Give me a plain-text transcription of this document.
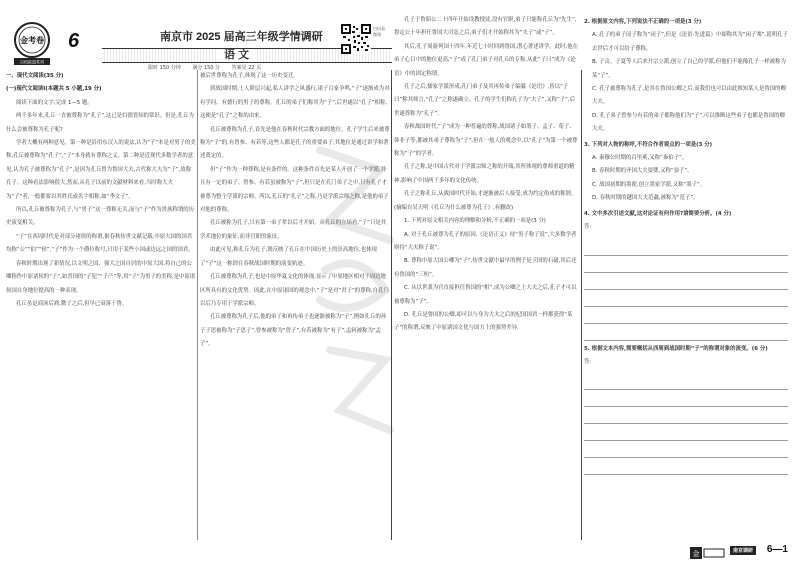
金考卷
百校联盟系列
6	南京市 2025 届高三年级学情调研
语 文
限时 150 分钟 满分 150 分 答案见 22 页
扫码看微课

一、现代文阅读(35 分)

(一)现代文阅读Ⅰ(本题共 5 小题,19 分)

阅读下面的文字,完成 1—5 题。

两千多年来,孔丘一直被尊称为“孔子”,这已是妇孺皆知的常识。但是,孔丘为什么会被尊称为孔子呢?

学者大概有两种意见。第一种是沿用东汉人的说法,认为“子”本是对男子的美称,孔丘被尊称为“孔子”,“子”本身就有尊称之义。第二种是近现代多数学者的意见,认为孔子被尊称为“孔子”,是因为孔丘曾为鲁国大夫,古代称大夫为“子”,故称孔子。这种看法影响很大,然而,从孔子以前的文献材料来看,当时称大夫为“子”者,一般都要以其姓氏或名字相称,如“季文子”。

所以,孔丘被尊称为孔子,与“男子”这一尊称无关,而与“子”作为贵族称谓的历史演变相关。

“子”在西周时代是对部分诸侯的称谓,据春秋传世文献记载,中原大国的国君均称“公”“伯”“侯”,“子”作为一个爵位称号,只用于某些小国或边远之国的国君。

春秋时期出现了新情况,以文明之国、强大之国自居的中原大国,将自己的公卿称作中原诸侯的“子”,如晋国的“子犯”“子产”等,用“子”为男子的美称,是中原诸侯国自身地位提高的一种表现。

孔丘虽是商汤后裔,微子之后,但早已衰落于鲁。

被后世尊称为孔子,体现了这一历史变迁。

到战国时期,士人阶层兴起,私人讲学之风盛行,诸子百家争鸣,“子”逐渐成为对有学问、有德行的男子的尊称。孔丘的弟子们称其为“子”,后世遂以“孔子”相称,这便是“孔子”之称的由来。

孔丘被尊称为孔子,首先是他在春秋时代宗教方面的地位。孔子学生后来被尊称为“子”的,有曾参、有若等,这些人都是孔子的重要弟子,其地位是通过讲学和著述奠定的。

但“子”作为一种尊称,是有条件的。这种条件首先是某人开创了一个学派,并且有一定的弟子。曾参、有若虽被称为“子”,但只是在孔门弟子之中,只有孔子才被尊为整个学派的宗师。所以,孔丘的“孔子”之称,乃是学派宗师之称,是他的弟子对他的尊称。

孔丘被称为孔子,只有第一弟子辈以后才开始。从孔丘的立场看,“子”只是其学术地位的象征,而非官职的象征。

由此可见,称孔丘为孔子,既反映了孔丘在中国历史上的崇高地位,也体现了“子”这一称谓在春秋战国时期的演变轨迹。

孔丘被尊称为孔子,也是中原华夏文化的体现,显示了中原地区相对于周边地区所具有的文化优势。因此,在中原诸国的观念中,“子”是对“君子”的尊称,自孔门以后乃专用于学派宗师。

孔丘被尊称为孔子后,他的弟子和再传弟子也逐渐被称为“子”,例如孔丘的孙子子思被称为“子思子”,曾参被称为“曾子”,有若被称为“有子”,孟轲被称为“孟子”。

孔子于鲁昭公二十四年开始设教授徒,没有官职,弟子只能称孔丘为“先生”,鲁定公十年担任鲁国大司寇之后,弟子们才开始称其为“夫子”或“子”。

其后,孔子周游列国十四年,年近七十时回到鲁国,潜心著述讲学。此时,他在弟子心目中的地位更高,“子”成了孔门弟子对孔丘的专称,从此“子曰”成为《论语》中的固定称谓。

孔子之后,儒家学派形成,孔门弟子及其再传弟子编纂《论语》,皆以“子曰”称其师言,“孔子”之称遂确立。孔子的学生们称孔子为“夫子”,又称“子”,后世遂尊称为“孔子”。

春秋战国时代,“子”成为一种普遍的尊称,战国诸子如墨子、孟子、荀子、韩非子等,都被其弟子尊称为“子”,但在一般人的观念中,以“孔子”为第一个被尊称为“子”的学者。

孔子之称,是中国古代对于学派宗师之称的开端,其所体现的尊师重道的精神,影响了中国两千多年的文化传统。

孔子之称孔丘,从战国时代开始,才逐渐被后人接受,成为约定俗成的称谓。

(摘编自吴天明《孔丘为什么被尊为孔子》,有删改)

1. 下列对原文相关内容的理解和分析,不正确的一项是(3 分)

A. 对于孔丘被尊为孔子的原因,《论语正义》持“男子称子说”,大多数学者则持“大夫称子说”。

B. 尊称中原大国公卿为“子”,传世文献中最早的例子是卫国的石碏,其后还有鲁国的“三桓”。

C. 从以世袭为官直接担任鲁国的“相”,成为公卿之上大夫之后,孔子才可以被尊称为“子”。

D. 孔丘是鲁国的公卿,却可以与身为大夫之后的杞国国君一样都获得“某子”的称谓,反映了中原诸国文化与国力上的强势差异。

2. 根据原文内容,下列说法不正确的一项是(3 分)

A. 孔子的弟子闵子称为“闵子”,但是《论语·先进篇》中却称其为“闵子骞”,说明孔子去世后才可以给子尊称。

B. 子贡、子夏等人后来开宗立派,创立了自己的学派,但他们不能像孔子一样被称为某“子”。

C. 孔子被尊称为孔子,是其在鲁国公卿之后,而我们也可以由此推知某人是鲁国的卿大夫。

D. 孔子弟子曾参与有若的弟子都称他们为“子”,可以推断这些弟子也都是鲁国的卿大夫。

3. 下列对人物的称呼,不符合作者观点的一项是(3 分)

A. 秦穆公时期的百里奚,又称“秦伯子”。

B. 春秋时期的齐国大夫晏婴,又称“晏子”。

C. 战国初期的墨翟,创立墨家学派,又称“墨子”。

D. 春秋时期的越国大夫范蠡,被称为“范子”。

4. 文中多次引述文献,这对论证有何作用?请简要分析。(4 分)

答:

5. 根据文本内容,简要概括从西周到战国时期“子”的称谓对象的流变。(6 分)

答:

金	南京调研	6—1
